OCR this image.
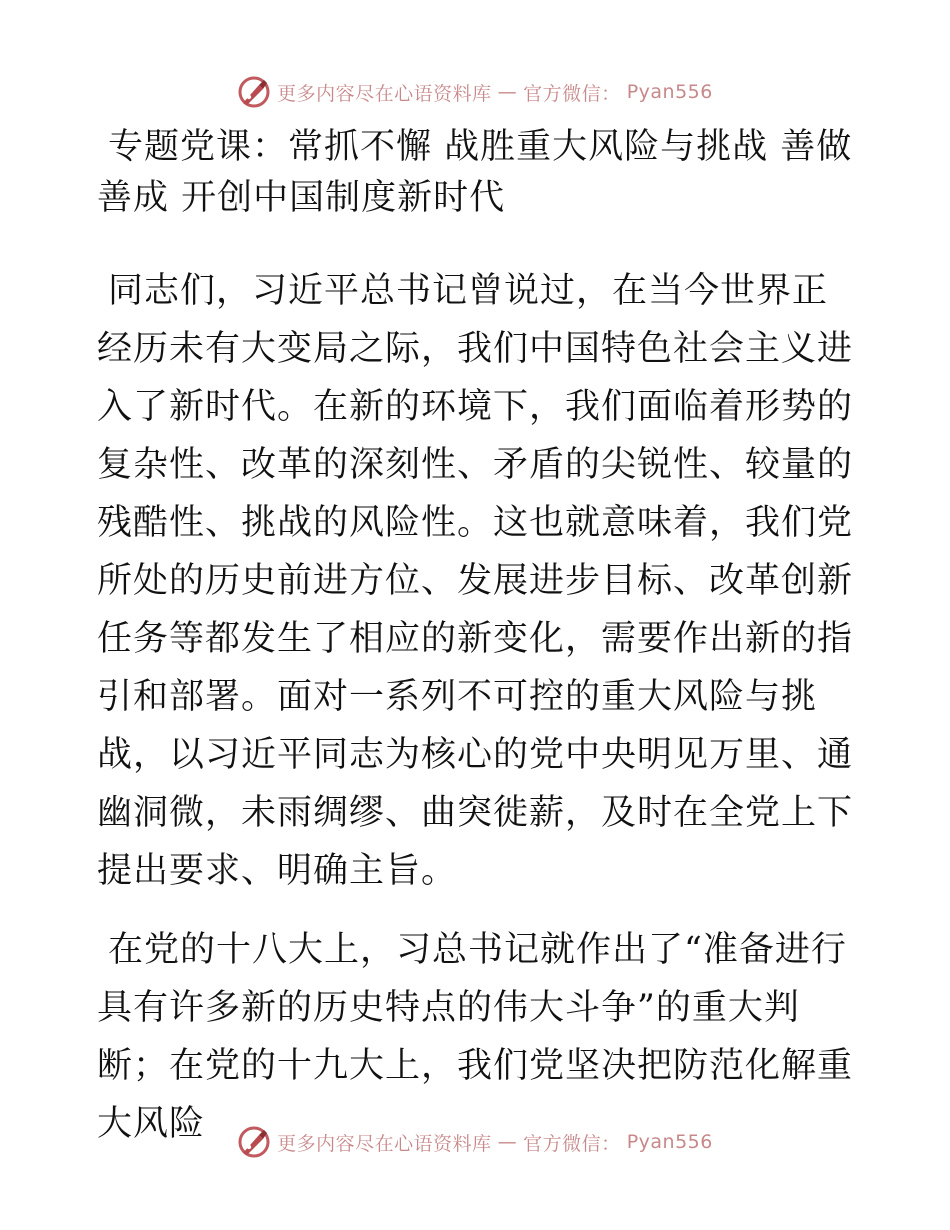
更多内容尽在心语资料库 — 官方微信： Pyan556
专题党课：常抓不懈 战胜重大风险与挑战 善做善成 开创中国制度新时代

同志们，习近平总书记曾说过，在当今世界正经历未有大变局之际，我们中国特色社会主义进入了新时代。在新的环境下，我们面临着形势的复杂性、改革的深刻性、矛盾的尖锐性、较量的残酷性、挑战的风险性。这也就意味着，我们党所处的历史前进方位、发展进步目标、改革创新任务等都发生了相应的新变化，需要作出新的指引和部署。面对一系列不可控的重大风险与挑战，以习近平同志为核心的党中央明见万里、通幽洞微，未雨绸缪、曲突徙薪，及时在全党上下提出要求、明确主旨。

在党的十八大上，习总书记就作出了“准备进行具有许多新的历史特点的伟大斗争”的重大判断；在党的十九大上，我们党坚决把防范化解重大风险	更多内容尽在心语资料库 — 官方微信： Pyan556
